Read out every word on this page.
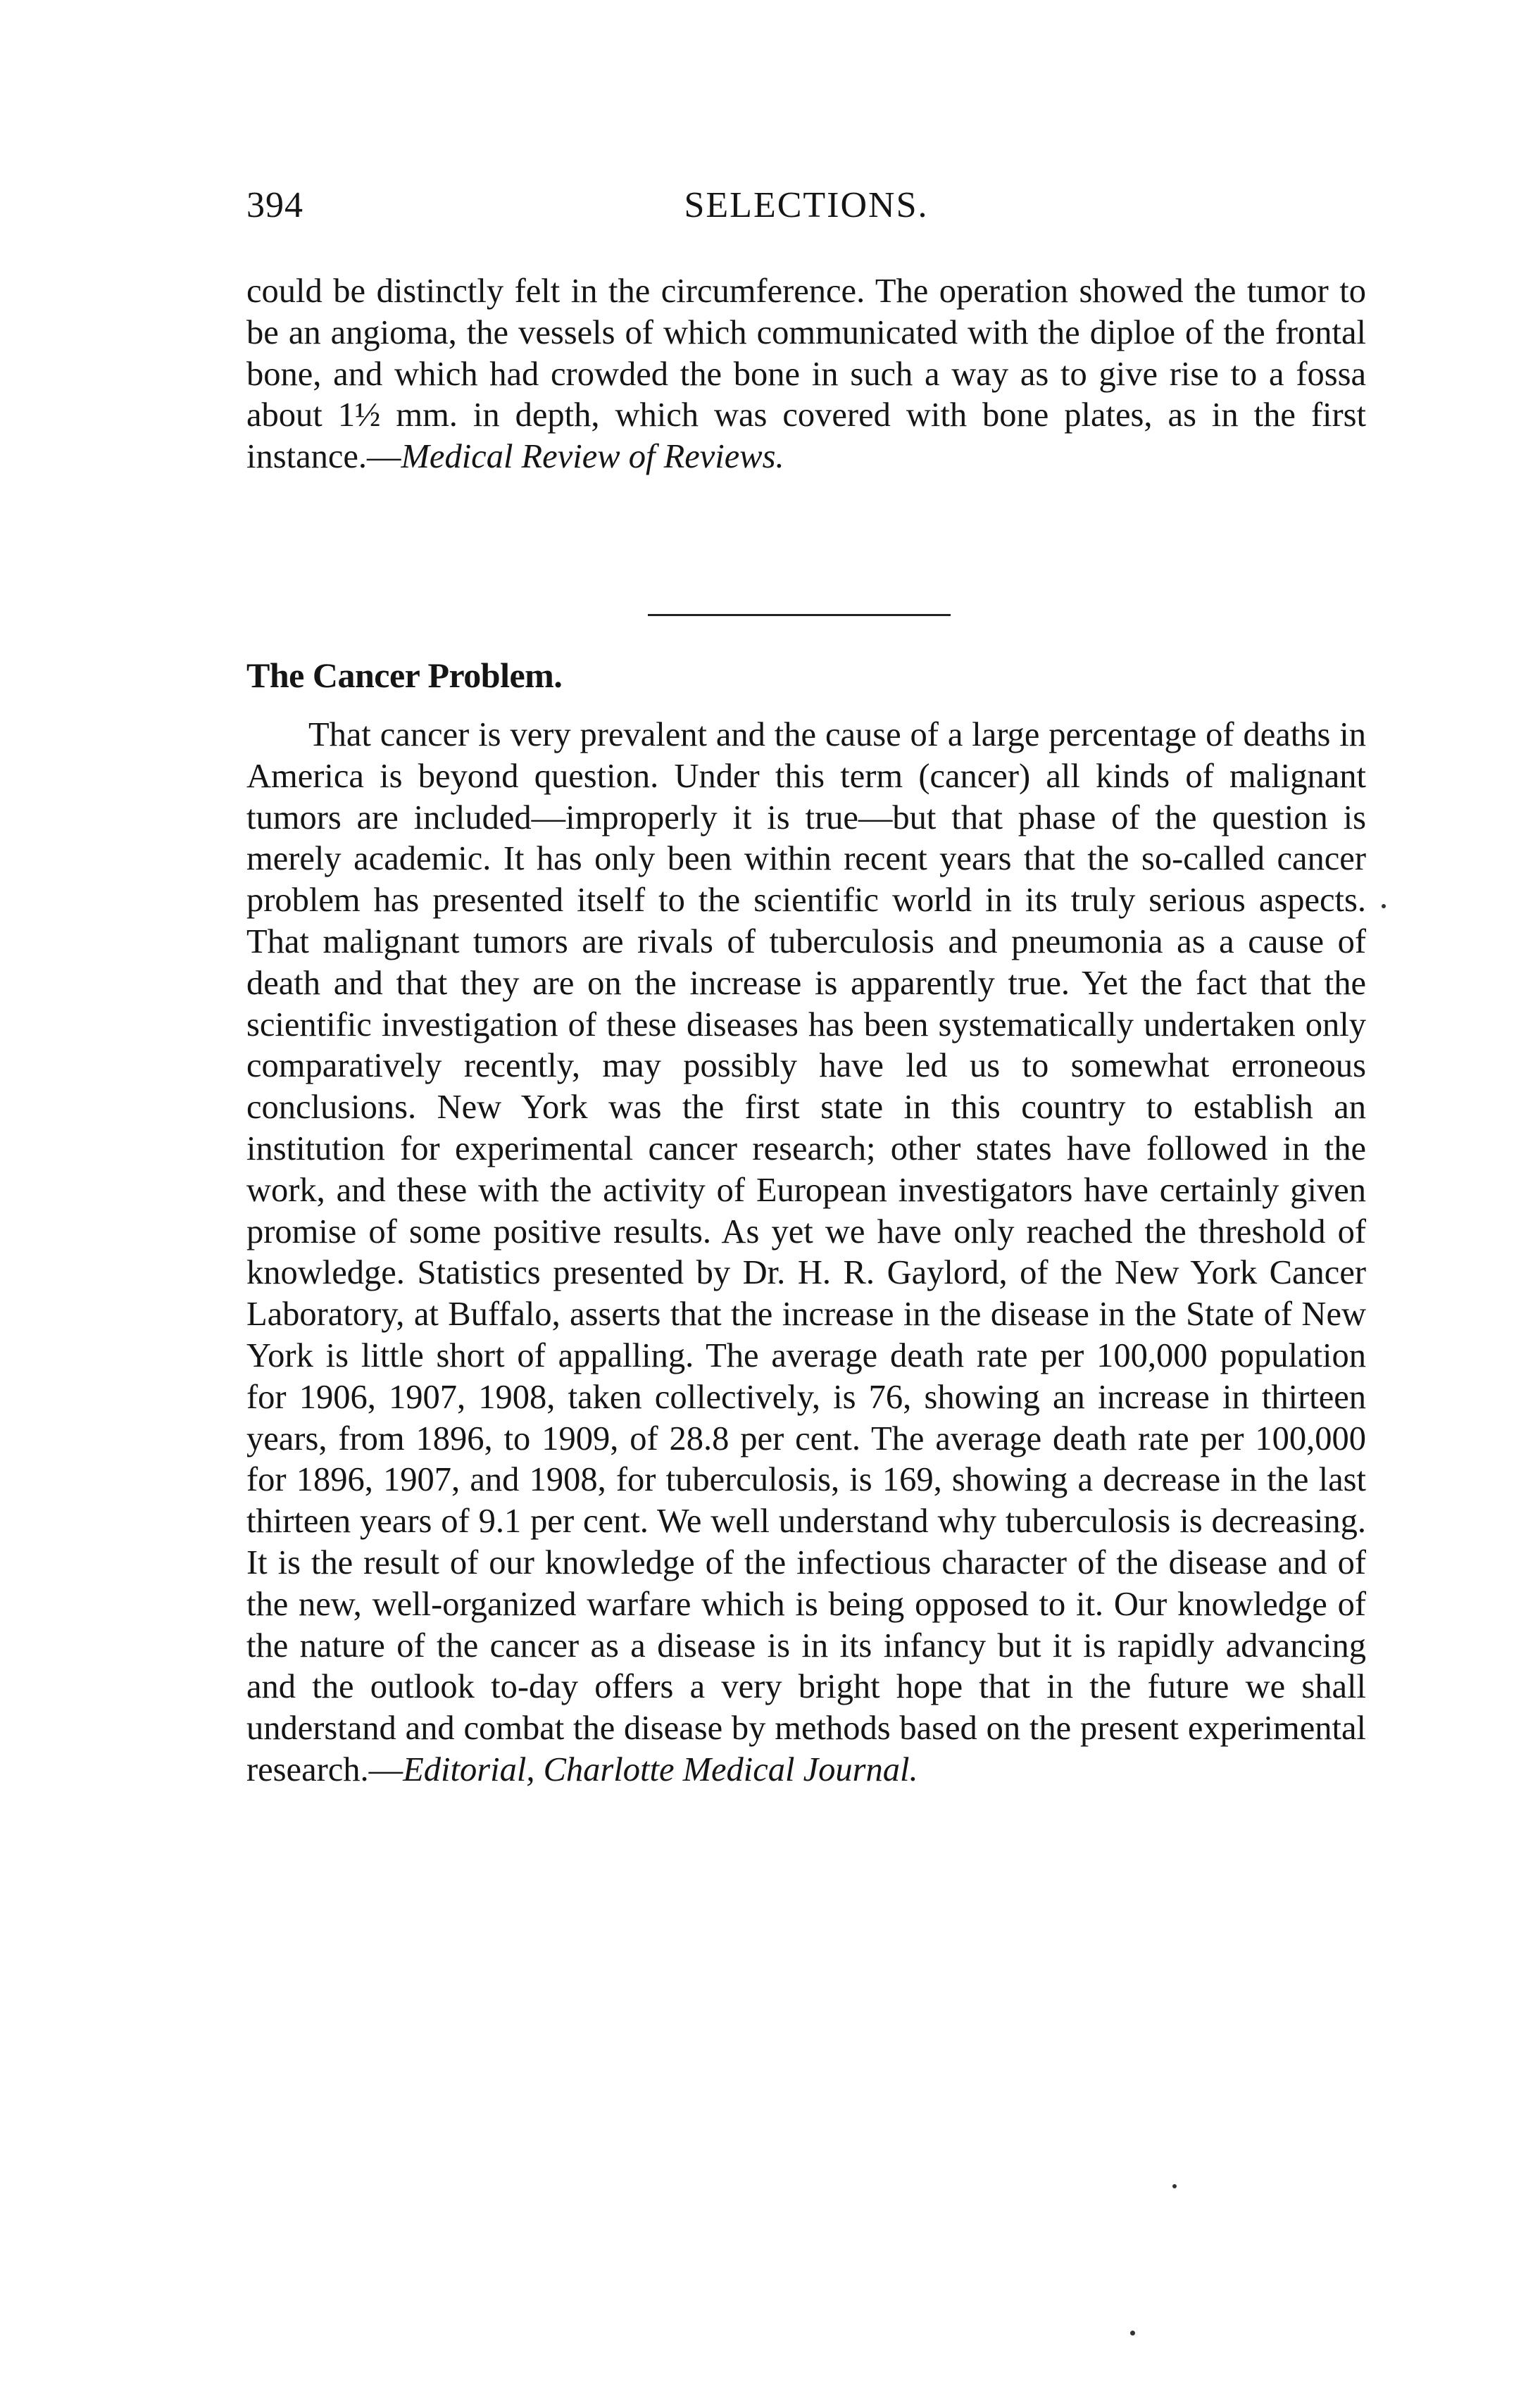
394	SELECTIONS.

could be distinctly felt in the circumference. The operation showed the tumor to be an angioma, the vessels of which communicated with the diploe of the frontal bone, and which had crowded the bone in such a way as to give rise to a fossa about 1½ mm. in depth, which was covered with bone plates, as in the first instance.—Medical Review of Reviews.

The Cancer Problem.

That cancer is very prevalent and the cause of a large percentage of deaths in America is beyond question. Under this term (cancer) all kinds of malignant tumors are included—improperly it is true—but that phase of the question is merely academic. It has only been within recent years that the so-called cancer problem has presented itself to the scientific world in its truly serious aspects. That malignant tumors are rivals of tuberculosis and pneumonia as a cause of death and that they are on the increase is apparently true. Yet the fact that the scientific investigation of these diseases has been systematically undertaken only comparatively recently, may possibly have led us to somewhat erroneous conclusions. New York was the first state in this country to establish an institution for experimental cancer research; other states have followed in the work, and these with the activity of European investigators have certainly given promise of some positive results. As yet we have only reached the threshold of knowledge. Statistics presented by Dr. H. R. Gaylord, of the New York Cancer Laboratory, at Buffalo, asserts that the increase in the disease in the State of New York is little short of appalling. The average death rate per 100,000 population for 1906, 1907, 1908, taken collectively, is 76, showing an increase in thirteen years, from 1896, to 1909, of 28.8 per cent. The average death rate per 100,000 for 1896, 1907, and 1908, for tuberculosis, is 169, showing a decrease in the last thirteen years of 9.1 per cent. We well understand why tuberculosis is decreasing. It is the result of our knowledge of the infectious character of the disease and of the new, well-organized warfare which is being opposed to it. Our knowledge of the nature of the cancer as a disease is in its infancy but it is rapidly advancing and the outlook to-day offers a very bright hope that in the future we shall understand and combat the disease by methods based on the present experimental research.—Editorial, Charlotte Medical Journal.
